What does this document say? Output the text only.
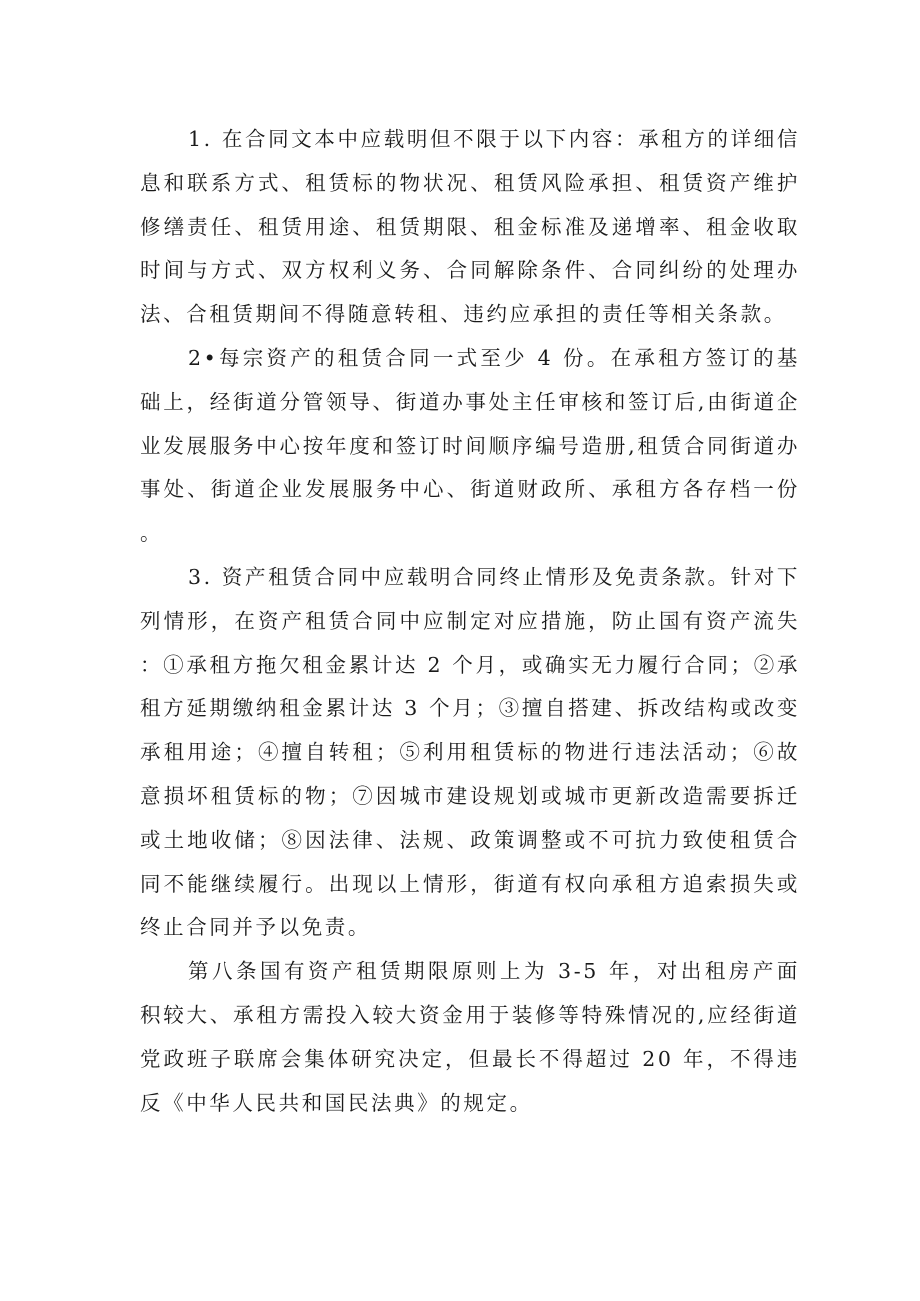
1. 在合同文本中应载明但不限于以下内容：承租方的详细信息和联系方式、租赁标的物状况、租赁风险承担、租赁资产维护修缮责任、租赁用途、租赁期限、租金标准及递增率、租金收取时间与方式、双方权利义务、合同解除条件、合同纠纷的处理办法、合租赁期间不得随意转租、违约应承担的责任等相关条款。

2•每宗资产的租赁合同一式至少 4 份。在承租方签订的基础上，经街道分管领导、街道办事处主任审核和签订后,由街道企业发展服务中心按年度和签订时间顺序编号造册,租赁合同街道办事处、街道企业发展服务中心、街道财政所、承租方各存档一份。

3. 资产租赁合同中应载明合同终止情形及免责条款。针对下列情形，在资产租赁合同中应制定对应措施，防止国有资产流失：①承租方拖欠租金累计达 2 个月，或确实无力履行合同；②承租方延期缴纳租金累计达 3 个月；③擅自搭建、拆改结构或改变承租用途；④擅自转租；⑤利用租赁标的物进行违法活动；⑥故意损坏租赁标的物；⑦因城市建设规划或城市更新改造需要拆迁或土地收储；⑧因法律、法规、政策调整或不可抗力致使租赁合同不能继续履行。出现以上情形，街道有权向承租方追索损失或终止合同并予以免责。

第八条国有资产租赁期限原则上为 3-5 年，对出租房产面积较大、承租方需投入较大资金用于装修等特殊情况的,应经街道党政班子联席会集体研究决定，但最长不得超过 20 年，不得违反《中华人民共和国民法典》的规定。
